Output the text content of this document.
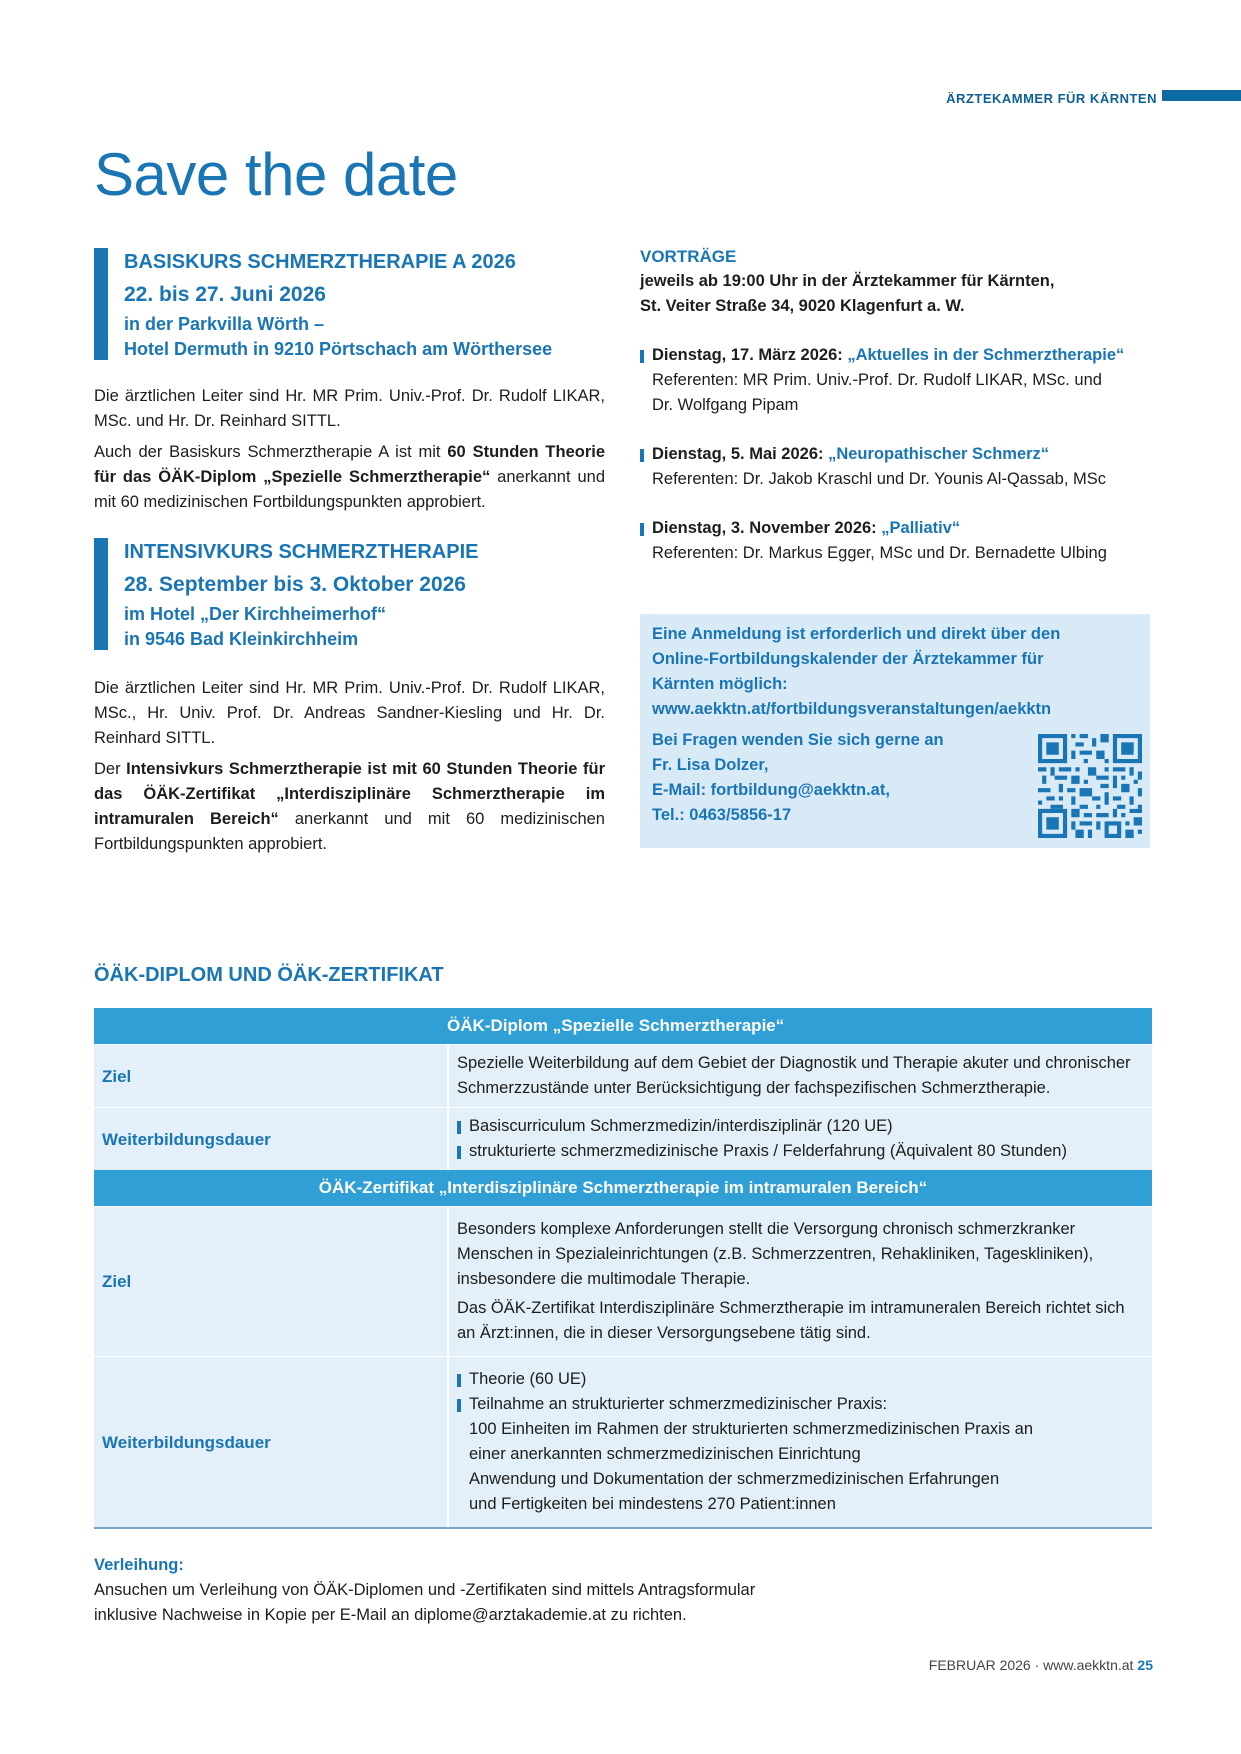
ÄRZTEKAMMER FÜR KÄRNTEN
Save the date
BASISKURS SCHMERZTHERAPIE A 2026
22. bis 27. Juni 2026
in der Parkvilla Wörth –
Hotel Dermuth in 9210 Pörtschach am Wörthersee

Die ärztlichen Leiter sind Hr. MR Prim. Univ.-Prof. Dr. Rudolf LIKAR, MSc. und Hr. Dr. Reinhard SITTL.

Auch der Basiskurs Schmerztherapie A ist mit 60 Stunden Theorie für das ÖÄK-Diplom „Spezielle Schmerztherapie“ anerkannt und mit 60 medizinischen Fortbildungspunkten approbiert.

INTENSIVKURS SCHMERZTHERAPIE
28. September bis 3. Oktober 2026
im Hotel „Der Kirchheimerhof“
in 9546 Bad Kleinkirchheim

Die ärztlichen Leiter sind Hr. MR Prim. Univ.-Prof. Dr. Rudolf LIKAR, MSc., Hr. Univ. Prof. Dr. Andreas Sandner-Kiesling und Hr. Dr. Reinhard SITTL.

Der Intensivkurs Schmerztherapie ist mit 60 Stunden Theorie für das ÖÄK-Zertifikat „Interdisziplinäre Schmerztherapie im intramuralen Bereich“ anerkannt und mit 60 medizinischen Fortbildungspunkten approbiert.

VORTRÄGE
jeweils ab 19:00 Uhr in der Ärztekammer für Kärnten,
St. Veiter Straße 34, 9020 Klagenfurt a. W.
Dienstag, 17. März 2026: „Aktuelles in der Schmerztherapie“
Referenten: MR Prim. Univ.-Prof. Dr. Rudolf LIKAR, MSc. und
Dr. Wolfgang Pipam
Dienstag, 5. Mai 2026: „Neuropathischer Schmerz“
Referenten: Dr. Jakob Kraschl und Dr. Younis Al-Qassab, MSc
Dienstag, 3. November 2026: „Palliativ“
Referenten: Dr. Markus Egger, MSc und Dr. Bernadette Ulbing
Eine Anmeldung ist erforderlich und direkt über den
Online-Fortbildungskalender der Ärztekammer für
Kärnten möglich:
www.aekktn.at/fortbildungsveranstaltungen/aekktn
Bei Fragen wenden Sie sich gerne an
Fr. Lisa Dolzer,
E-Mail: fortbildung@aekktn.at,
Tel.: 0463/5856-17
ÖÄK-DIPLOM UND ÖÄK-ZERTIFIKAT
ÖÄK-Diplom „Spezielle Schmerztherapie“
Ziel

Spezielle Weiterbildung auf dem Gebiet der Diagnostik und Therapie akuter und chronischer Schmerzzustände unter Berücksichtigung der fachspezifischen Schmerztherapie.

Weiterbildungsdauer
Basiscurriculum Schmerzmedizin/interdisziplinär (120 UE)
strukturierte schmerzmedizinische Praxis / Felderfahrung (Äquivalent 80 Stunden)
ÖÄK-Zertifikat „Interdisziplinäre Schmerztherapie im intramuralen Bereich“
Ziel

Besonders komplexe Anforderungen stellt die Versorgung chronisch schmerzkranker Menschen in Spezialeinrichtungen (z.B. Schmerzzentren, Rehakliniken, Tageskliniken), insbesondere die multimodale Therapie.

Das ÖÄK-Zertifikat Interdisziplinäre Schmerztherapie im intramuneralen Bereich richtet sich an Ärzt:innen, die in dieser Versorgungsebene tätig sind.

Weiterbildungsdauer
Theorie (60 UE)
Teilnahme an strukturierter schmerzmedizinischer Praxis:
100 Einheiten im Rahmen der strukturierten schmerzmedizinischen Praxis an
einer anerkannten schmerzmedizinischen Einrichtung
Anwendung und Dokumentation der schmerzmedizinischen Erfahrungen
und Fertigkeiten bei mindestens 270 Patient:innen
Verleihung:
Ansuchen um Verleihung von ÖÄK-Diplomen und -Zertifikaten sind mittels Antragsformular
inklusive Nachweise in Kopie per E-Mail an diplome@arztakademie.at zu richten.
FEBRUAR 2026 · www.aekktn.at 25
